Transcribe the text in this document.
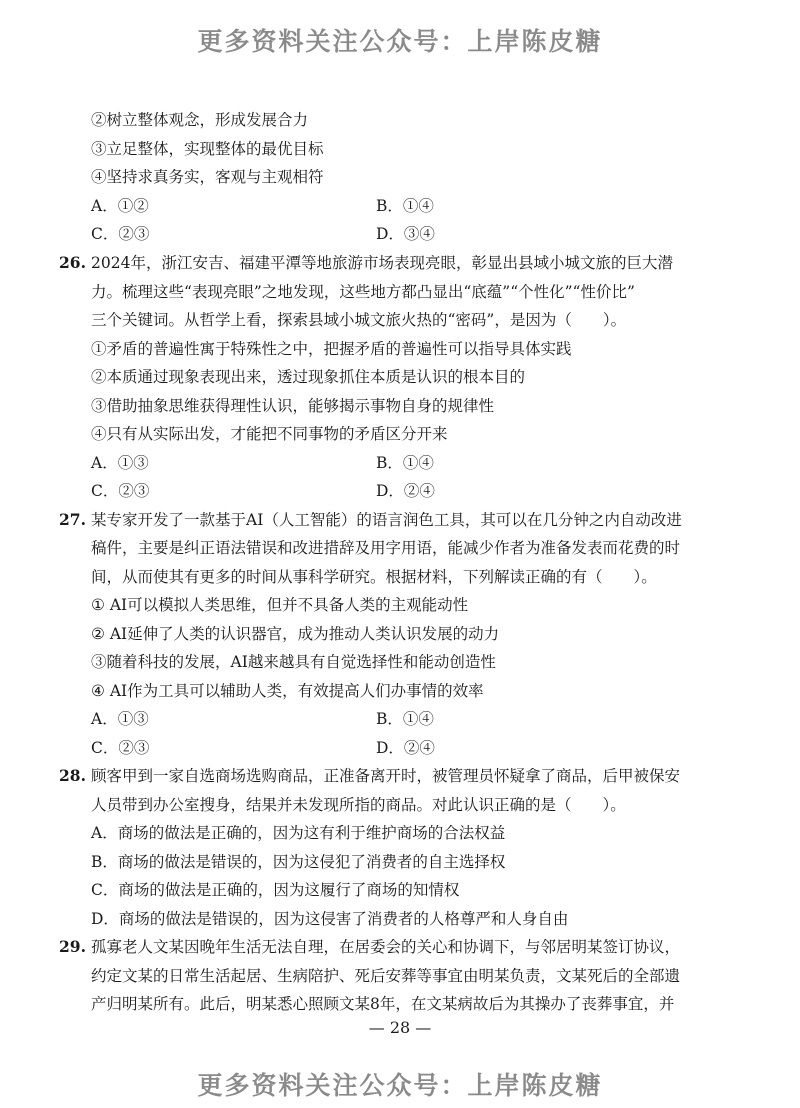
更多资料关注公众号：上岸陈皮糖
②树立整体观念，形成发展合力
③立足整体，实现整体的最优目标
④坚持求真务实，客观与主观相符
A．①②	B．①④
C．②③	D．③④
26. 2024年，浙江安吉、福建平潭等地旅游市场表现亮眼，彰显出县域小城文旅的巨大潜
力。梳理这些“表现亮眼”之地发现，这些地方都凸显出“底蕴”“个性化”“性价比”
三个关键词。从哲学上看，探索县域小城文旅火热的“密码”，是因为（　　）。
①矛盾的普遍性寓于特殊性之中，把握矛盾的普遍性可以指导具体实践
②本质通过现象表现出来，透过现象抓住本质是认识的根本目的
③借助抽象思维获得理性认识，能够揭示事物自身的规律性
④只有从实际出发，才能把不同事物的矛盾区分开来
A．①③	B．①④
C．②③	D．②④
27. 某专家开发了一款基于AI（人工智能）的语言润色工具，其可以在几分钟之内自动改进
稿件，主要是纠正语法错误和改进措辞及用字用语，能减少作者为准备发表而花费的时
间，从而使其有更多的时间从事科学研究。根据材料，下列解读正确的有（　　）。
① AI可以模拟人类思维，但并不具备人类的主观能动性
② AI延伸了人类的认识器官，成为推动人类认识发展的动力
③随着科技的发展，AI越来越具有自觉选择性和能动创造性
④ AI作为工具可以辅助人类，有效提高人们办事情的效率
A．①③	B．①④
C．②③	D．②④
28. 顾客甲到一家自选商场选购商品，正准备离开时，被管理员怀疑拿了商品，后甲被保安
人员带到办公室搜身，结果并未发现所指的商品。对此认识正确的是（　　）。
A．商场的做法是正确的，因为这有利于维护商场的合法权益
B．商场的做法是错误的，因为这侵犯了消费者的自主选择权
C．商场的做法是正确的，因为这履行了商场的知情权
D．商场的做法是错误的，因为这侵害了消费者的人格尊严和人身自由
29. 孤寡老人文某因晚年生活无法自理，在居委会的关心和协调下，与邻居明某签订协议，
约定文某的日常生活起居、生病陪护、死后安葬等事宜由明某负责，文某死后的全部遗
产归明某所有。此后，明某悉心照顾文某8年，在文某病故后为其操办了丧葬事宜，并
— 28 —
更多资料关注公众号：上岸陈皮糖
